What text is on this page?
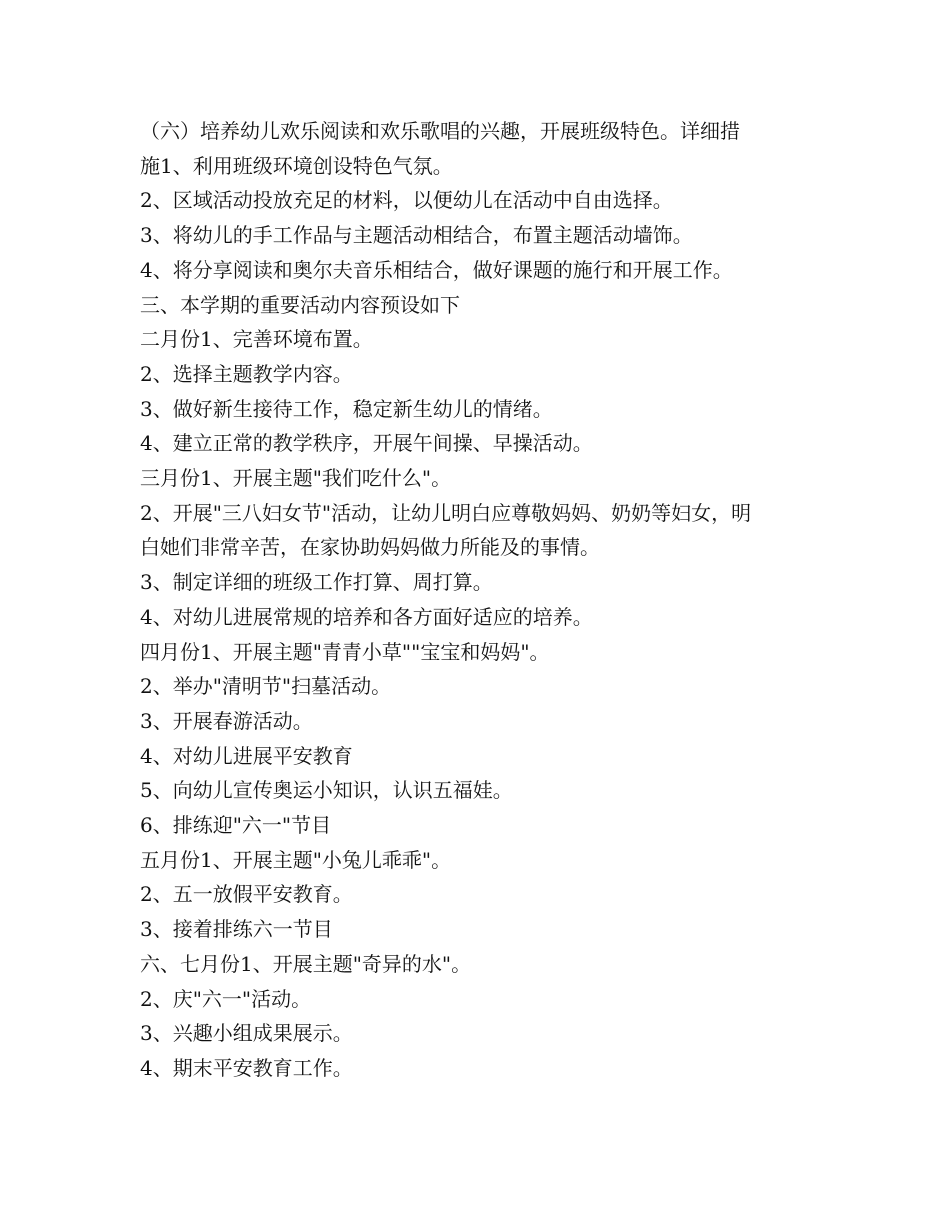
（六）培养幼儿欢乐阅读和欢乐歌唱的兴趣，开展班级特色。详细措

施1、利用班级环境创设特色气氛。

2、区域活动投放充足的材料，以便幼儿在活动中自由选择。

3、将幼儿的手工作品与主题活动相结合，布置主题活动墙饰。

4、将分享阅读和奥尔夫音乐相结合，做好课题的施行和开展工作。

三、本学期的重要活动内容预设如下

二月份1、完善环境布置。

2、选择主题教学内容。

3、做好新生接待工作，稳定新生幼儿的情绪。

4、建立正常的教学秩序，开展午间操、早操活动。

三月份1、开展主题"我们吃什么"。

2、开展"三八妇女节"活动，让幼儿明白应尊敬妈妈、奶奶等妇女，明

白她们非常辛苦，在家协助妈妈做力所能及的事情。

3、制定详细的班级工作打算、周打算。

4、对幼儿进展常规的培养和各方面好适应的培养。

四月份1、开展主题"青青小草""宝宝和妈妈"。

2、举办"清明节"扫墓活动。

3、开展春游活动。

4、对幼儿进展平安教育

5、向幼儿宣传奥运小知识，认识五福娃。

6、排练迎"六一"节目

五月份1、开展主题"小兔儿乖乖"。

2、五一放假平安教育。

3、接着排练六一节目

六、七月份1、开展主题"奇异的水"。

2、庆"六一"活动。

3、兴趣小组成果展示。

4、期末平安教育工作。
